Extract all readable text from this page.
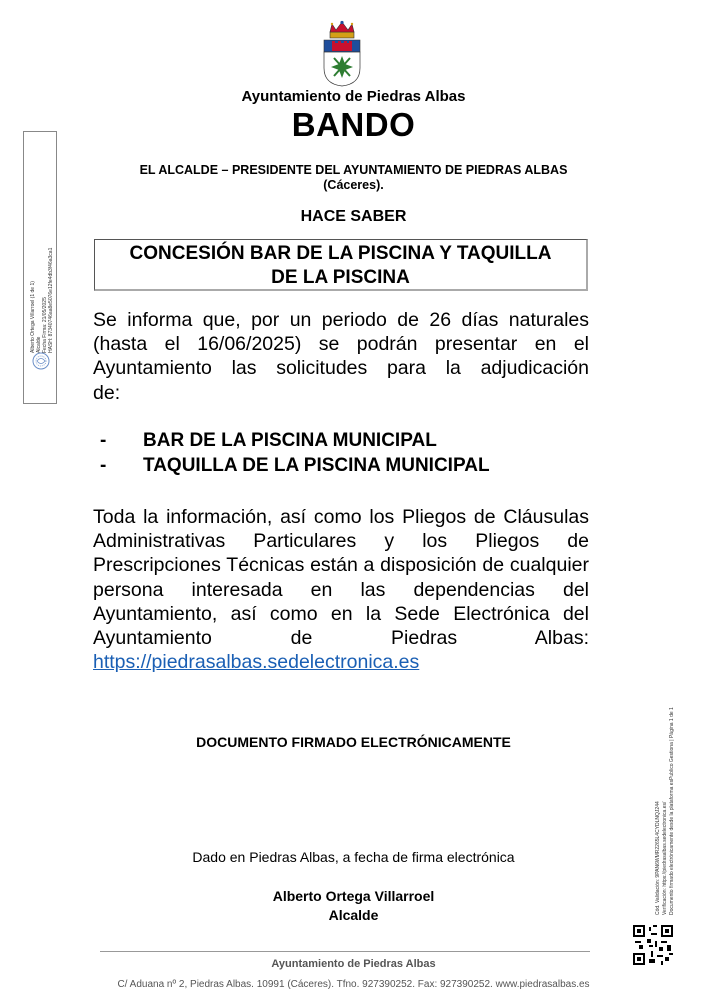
Ayuntamiento de Piedras Albas
BANDO
EL ALCALDE – PRESIDENTE DEL AYUNTAMIENTO DE PIEDRAS ALBAS
(Cáceres).
HACE SABER
CONCESIÓN BAR DE LA PISCINA Y TAQUILLA
DE LA PISCINA
Se informa que, por un periodo de 26 días naturales (hasta el 16/06/2025) se podrán presentar en el Ayuntamiento las solicitudes para la adjudicación
de:
-	BAR DE LA PISCINA MUNICIPAL
-	TAQUILLA DE LA PISCINA MUNICIPAL
Toda la información, así como los Pliegos de Cláusulas Administrativas Particulares y los Pliegos de Prescripciones Técnicas están a disposición de cualquier persona interesada en las dependencias del Ayuntamiento, así como en la Sede Electrónica del Ayuntamiento de Piedras Albas:
https://piedrasalbas.sedelectronica.es
DOCUMENTO FIRMADO ELECTRÓNICAMENTE
Dado en Piedras Albas, a fecha de firma electrónica
Alberto Ortega Villarroel
Alcalde
Ayuntamiento de Piedras Albas
C/ Aduana nº 2, Piedras Albas. 10991 (Cáceres). Tfno. 927390252. Fax: 927390252. www.piedrasalbas.es
Alberto Ortega Villarroel (1 de 1) Alcalde Fecha Firma: 21/05/2025 HASH: 87340746aa8e5076e12fe4db3f46a3ca1
Cód. Validación: 9PAN6WMR2265L4CYDLNQJ244 Verificación: https://piedrasalbas.sedelectronica.es/ Documento firmado electrónicamente desde la plataforma esPublico Gestiona | Página 1 de 1
